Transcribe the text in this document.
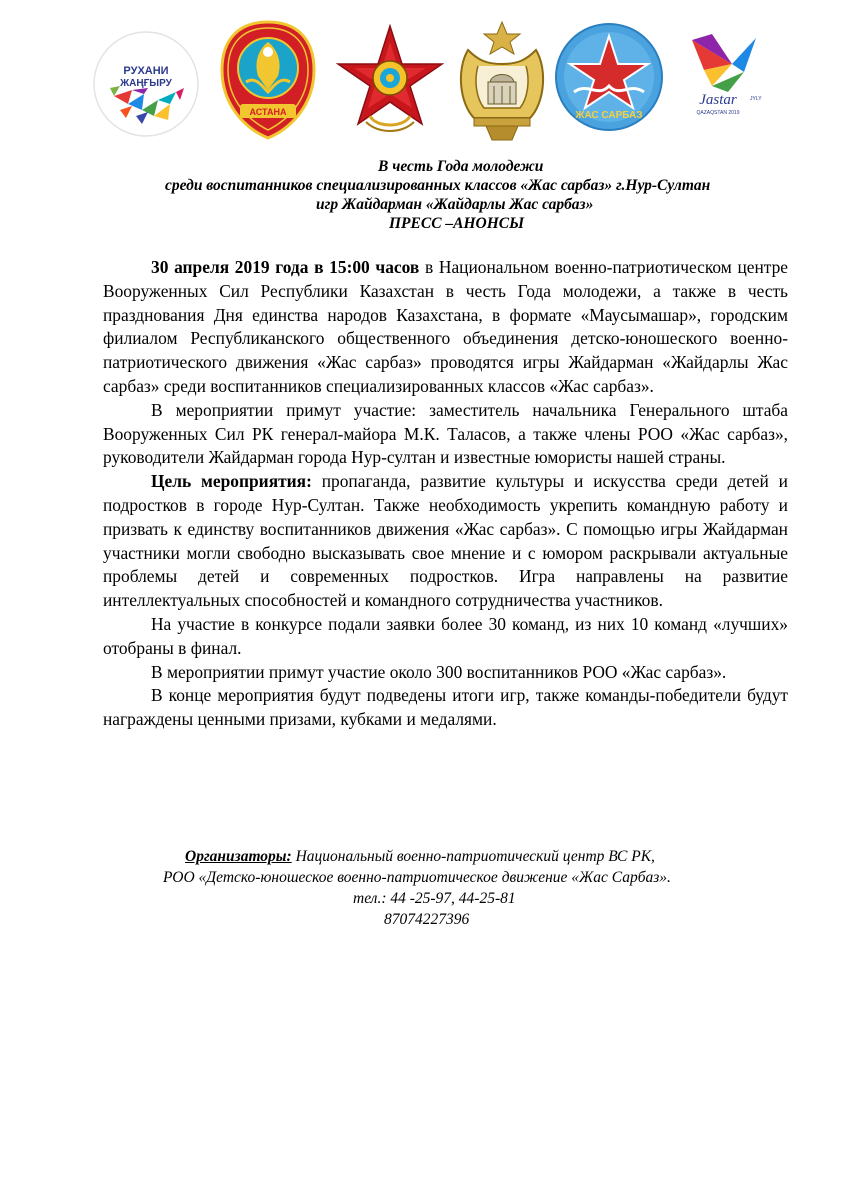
РУХАНИ
ЖАҢҒЫРУ
АСТАНА	ЖАС САРБАЗ
Jastar	JYLY
QAZAQSTAN 2019
В честь Года молодежи
среди воспитанников специализированных классов «Жас сарбаз» г.Нур-Султан
игр Жайдарман «Жайдарлы Жас сарбаз»
ПРЕСС –АНОНСЫ

30 апреля 2019 года в 15:00 часов в Национальном военно-патриотическом центре Вооруженных Сил Республики Казахстан в честь Года молодежи, а также в честь празднования Дня единства народов Казахстана, в формате «Маусымашар», городским филиалом Республиканского общественного объединения детско-юношеского военно-патриотического движения «Жас сарбаз» проводятся игры Жайдарман «Жайдарлы Жас сарбаз» среди воспитанников специализированных классов «Жас сарбаз».

В мероприятии примут участие: заместитель начальника Генерального штаба Вооруженных Сил РК генерал-майора М.К. Таласов, а также члены РОО «Жас сарбаз», руководители Жайдарман города Нур-султан и известные юмористы нашей страны.

Цель мероприятия: пропаганда, развитие культуры и искусства среди детей и подростков в городе Нур-Султан. Также необходимость укрепить командную работу и призвать к единству воспитанников движения «Жас сарбаз». С помощью игры Жайдарман участники могли свободно высказывать свое мнение и с юмором раскрывали актуальные проблемы детей и современных подростков. Игра направлены на развитие интеллектуальных способностей и командного сотрудничества участников.

На участие в конкурсе подали заявки более 30 команд, из них 10 команд «лучших» отобраны в финал.

В мероприятии примут участие около 300 воспитанников РОО «Жас сарбаз».

В конце мероприятия будут подведены итоги игр, также команды-победители будут награждены ценными призами, кубками и медалями.

Организаторы: Национальный военно-патриотический центр ВС РК,
РОО «Детско-юношеское военно-патриотическое движение «Жас Сарбаз».
тел.: 44 -25-97, 44-25-81
87074227396
